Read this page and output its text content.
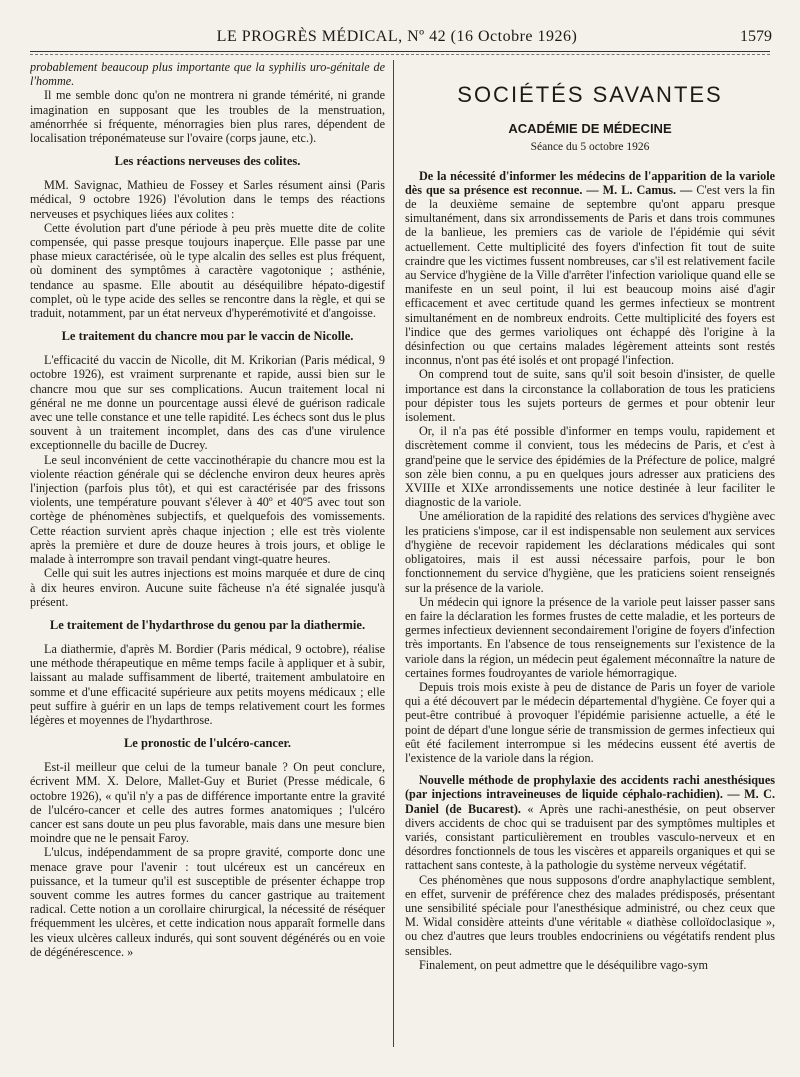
LE PROGRÈS MÉDICAL, Nº 42 (16 Octobre 1926)	1579

probablement beaucoup plus importante que la syphilis uro-génitale de l'homme.

Il me semble donc qu'on ne montrera ni grande témérité, ni grande imagination en supposant que les troubles de la menstruation, aménorrhée si fréquente, ménorragies bien plus rares, dépendent de localisation tréponémateuse sur l'ovaire (corps jaune, etc.).

Les réactions nerveuses des colites.

MM. Savignac, Mathieu de Fossey et Sarles résument ainsi (Paris médical, 9 octobre 1926) l'évolution dans le temps des réactions nerveuses et psychiques liées aux colites :

Cette évolution part d'une période à peu près muette dite de colite compensée, qui passe presque toujours inaperçue. Elle passe par une phase mieux caractérisée, où le type alcalin des selles est plus fréquent, où dominent des symptômes à caractère vagotonique ; asthénie, tendance au spasme. Elle aboutit au déséquilibre hépato-digestif complet, où le type acide des selles se rencontre dans la règle, et qui se traduit, notamment, par un état nerveux d'hyperémotivité et d'angoisse.

Le traitement du chancre mou par le vaccin de Nicolle.

L'efficacité du vaccin de Nicolle, dit M. Krikorian (Paris médical, 9 octobre 1926), est vraiment surprenante et rapide, aussi bien sur le chancre mou que sur ses complications. Aucun traitement local ni général ne me donne un pourcentage aussi élevé de guérison radicale avec une telle constance et une telle rapidité. Les échecs sont dus le plus souvent à un traitement incomplet, dans des cas d'une virulence exceptionnelle du bacille de Ducrey.

Le seul inconvénient de cette vaccinothérapie du chancre mou est la violente réaction générale qui se déclenche environ deux heures après l'injection (parfois plus tôt), et qui est caractérisée par des frissons violents, une température pouvant s'élever à 40º et 40º5 avec tout son cortège de phénomènes subjectifs, et quelquefois des vomissements. Cette réaction survient après chaque injection ; elle est très violente après la première et dure de douze heures à trois jours, et oblige le malade à interrompre son travail pendant vingt-quatre heures.

Celle qui suit les autres injections est moins marquée et dure de cinq à dix heures environ. Aucune suite fâcheuse n'a été signalée jusqu'à présent.

Le traitement de l'hydarthrose du genou par la diathermie.

La diathermie, d'après M. Bordier (Paris médical, 9 octobre), réalise une méthode thérapeutique en même temps facile à appliquer et à subir, laissant au malade suffisamment de liberté, traitement ambulatoire en somme et d'une efficacité supérieure aux petits moyens médicaux ; elle peut suffire à guérir en un laps de temps relativement court les formes légères et moyennes de l'hydarthrose.

Le pronostic de l'ulcéro-cancer.

Est-il meilleur que celui de la tumeur banale ? On peut conclure, écrivent MM. X. Delore, Mallet-Guy et Buriet (Presse médicale, 6 octobre 1926), « qu'il n'y a pas de différence importante entre la gravité de l'ulcéro-cancer et celle des autres formes anatomiques ; l'ulcéro cancer est sans doute un peu plus favorable, mais dans une mesure bien moindre que ne le pensait Faroy.

L'ulcus, indépendamment de sa propre gravité, comporte donc une menace grave pour l'avenir : tout ulcéreux est un cancéreux en puissance, et la tumeur qu'il est susceptible de présenter échappe trop souvent comme les autres formes du cancer gastrique au traitement radical. Cette notion a un corollaire chirurgical, la nécessité de réséquer fréquemment les ulcères, et cette indication nous apparaît formelle dans les vieux ulcères calleux indurés, qui sont souvent dégénérés ou en voie de dégénérescence. »

SOCIÉTÉS SAVANTES
ACADÉMIE DE MÉDECINE
Séance du 5 octobre 1926

De la nécessité d'informer les médecins de l'apparition de la variole dès que sa présence est reconnue. — M. L. Camus. — C'est vers la fin de la deuxième semaine de septembre qu'ont apparu presque simultanément, dans six arrondissements de Paris et dans trois communes de la banlieue, les premiers cas de variole de l'épidémie qui sévit actuellement. Cette multiplicité des foyers d'infection fit tout de suite craindre que les victimes fussent nombreuses, car s'il est relativement facile au Service d'hygiène de la Ville d'arrêter l'infection variolique quand elle se manifeste en un seul point, il lui est beaucoup moins aisé d'agir efficacement et avec certitude quand les germes infectieux se montrent simultanément en de nombreux endroits. Cette multiplicité des foyers est l'indice que des germes varioliques ont échappé dès l'origine à la désinfection ou que certains malades légèrement atteints sont restés inconnus, n'ont pas été isolés et ont propagé l'infection.

On comprend tout de suite, sans qu'il soit besoin d'insister, de quelle importance est dans la circonstance la collaboration de tous les praticiens pour dépister tous les sujets porteurs de germes et pour obtenir leur isolement.

Or, il n'a pas été possible d'informer en temps voulu, rapidement et discrètement comme il convient, tous les médecins de Paris, et c'est à grand'peine que le service des épidémies de la Préfecture de police, malgré son zèle bien connu, a pu en quelques jours adresser aux praticiens des XVIIIe et XIXe arrondissements une notice destinée à leur faciliter le diagnostic de la variole.

Une amélioration de la rapidité des relations des services d'hygiène avec les praticiens s'impose, car il est indispensable non seulement aux services d'hygiène de recevoir rapidement les déclarations médicales qui sont obligatoires, mais il est aussi nécessaire parfois, pour le bon fonctionnement du service d'hygiène, que les praticiens soient renseignés sur la présence de la variole.

Un médecin qui ignore la présence de la variole peut laisser passer sans en faire la déclaration les formes frustes de cette maladie, et les porteurs de germes infectieux deviennent secondairement l'origine de foyers d'infection très importants. En l'absence de tous renseignements sur l'existence de la variole dans la région, un médecin peut également méconnaître la nature de certaines formes foudroyantes de variole hémorragique.

Depuis trois mois existe à peu de distance de Paris un foyer de variole qui a été découvert par le médecin départemental d'hygiène. Ce foyer qui a peut-être contribué à provoquer l'épidémie parisienne actuelle, a été le point de départ d'une longue série de transmission de germes infectieux qui eût été facilement interrompue si les médecins eussent été avertis de l'existence de la variole dans la région.

Nouvelle méthode de prophylaxie des accidents rachi anesthésiques (par injections intraveineuses de liquide céphalo-rachidien). — M. C. Daniel (de Bucarest). « Après une rachi-anesthésie, on peut observer divers accidents de choc qui se traduisent par des symptômes multiples et variés, consistant particulièrement en troubles vasculo-nerveux et en désordres fonctionnels de tous les viscères et appareils organiques et qui se rattachent sans conteste, à la pathologie du système nerveux végétatif.

Ces phénomènes que nous supposons d'ordre anaphylactique semblent, en effet, survenir de préférence chez des malades prédisposés, présentant une sensibilité spéciale pour l'anesthésique administré, ou chez ceux que M. Widal considère atteints d'une véritable « diathèse colloïdoclasique », ou chez d'autres que leurs troubles endocriniens ou végétatifs rendent plus sensibles.

Finalement, on peut admettre que le déséquilibre vago-sym
